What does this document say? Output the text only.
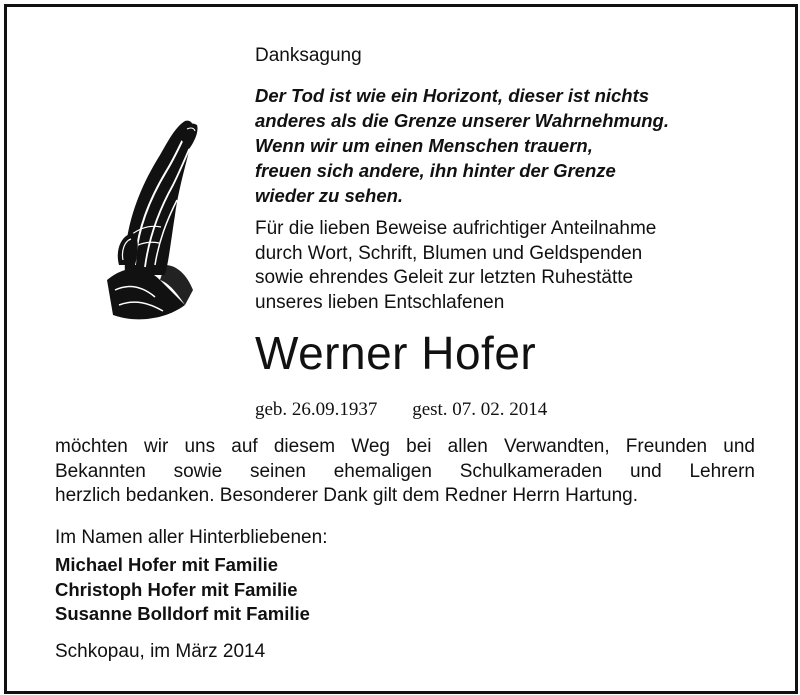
Danksagung
Der Tod ist wie ein Horizont, dieser ist nichts
anderes als die Grenze unserer Wahrnehmung.
Wenn wir um einen Menschen trauern,
freuen sich andere, ihn hinter der Grenze
wieder zu sehen.
Für die lieben Beweise aufrichtiger Anteilnahme
durch Wort, Schrift, Blumen und Geldspenden
sowie ehrendes Geleit zur letzten Ruhestätte
unseres lieben Entschlafenen
Werner Hofer
geb. 26.09.1937 gest. 07. 02. 2014
möchten wir uns auf diesem Weg bei allen Verwandten, Freunden und
Bekannten sowie seinen ehemaligen Schulkameraden und Lehrern
herzlich bedanken. Besonderer Dank gilt dem Redner Herrn Hartung.
Im Namen aller Hinterbliebenen:
Michael Hofer mit Familie
Christoph Hofer mit Familie
Susanne Bolldorf mit Familie
Schkopau, im März 2014
